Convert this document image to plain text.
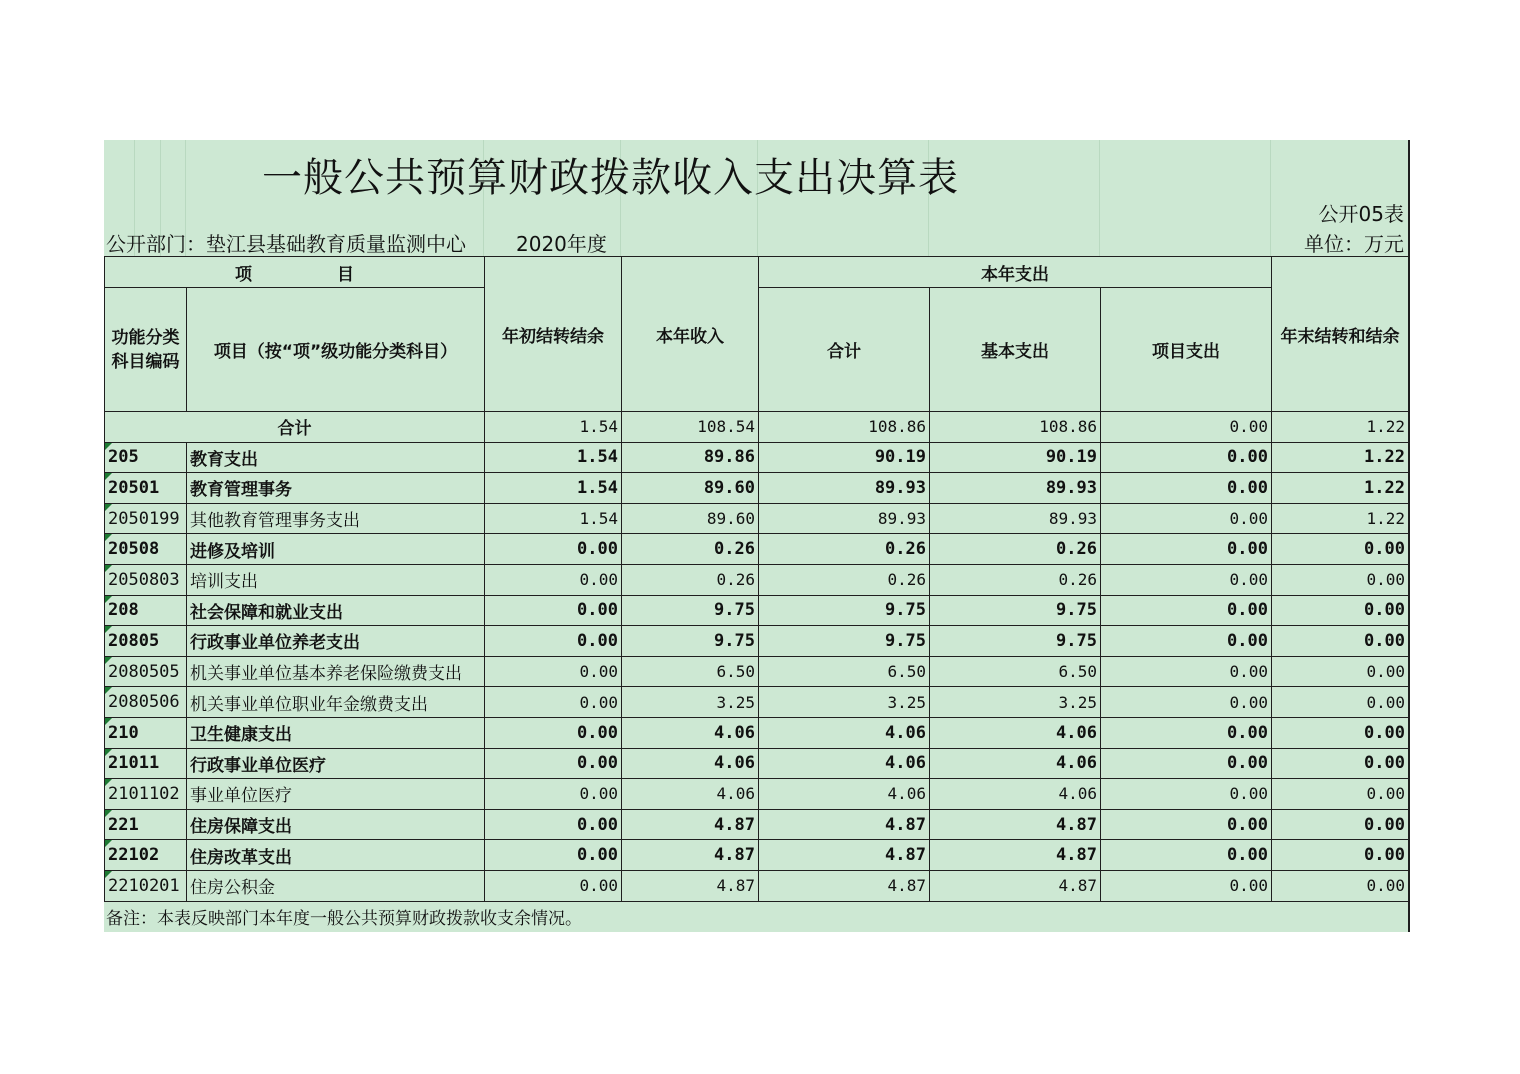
一般公共预算财政拨款收入支出决算表
公开05表
公开部门：垫江县基础教育质量监测中心	2020年度	单位：万元
项　　　　　目		年初结转结余	本年收入	本年支出			年末结转和结余
功能分类科目编码	项目（按“项”级功能分类科目）			合计	基本支出	项目支出	
合计		1.54	108.54	108.86	108.86	0.00	1.22
205	教育支出	1.54	89.86	90.19	90.19	0.00	1.22
20501	教育管理事务	1.54	89.60	89.93	89.93	0.00	1.22
2050199	其他教育管理事务支出	1.54	89.60	89.93	89.93	0.00	1.22
20508	进修及培训	0.00	0.26	0.26	0.26	0.00	0.00
2050803	培训支出	0.00	0.26	0.26	0.26	0.00	0.00
208	社会保障和就业支出	0.00	9.75	9.75	9.75	0.00	0.00
20805	行政事业单位养老支出	0.00	9.75	9.75	9.75	0.00	0.00
2080505	机关事业单位基本养老保险缴费支出	0.00	6.50	6.50	6.50	0.00	0.00
2080506	机关事业单位职业年金缴费支出	0.00	3.25	3.25	3.25	0.00	0.00
210	卫生健康支出	0.00	4.06	4.06	4.06	0.00	0.00
21011	行政事业单位医疗	0.00	4.06	4.06	4.06	0.00	0.00
2101102	事业单位医疗	0.00	4.06	4.06	4.06	0.00	0.00
221	住房保障支出	0.00	4.87	4.87	4.87	0.00	0.00
22102	住房改革支出	0.00	4.87	4.87	4.87	0.00	0.00
2210201	住房公积金	0.00	4.87	4.87	4.87	0.00	0.00
备注：本表反映部门本年度一般公共预算财政拨款收支余情况。
